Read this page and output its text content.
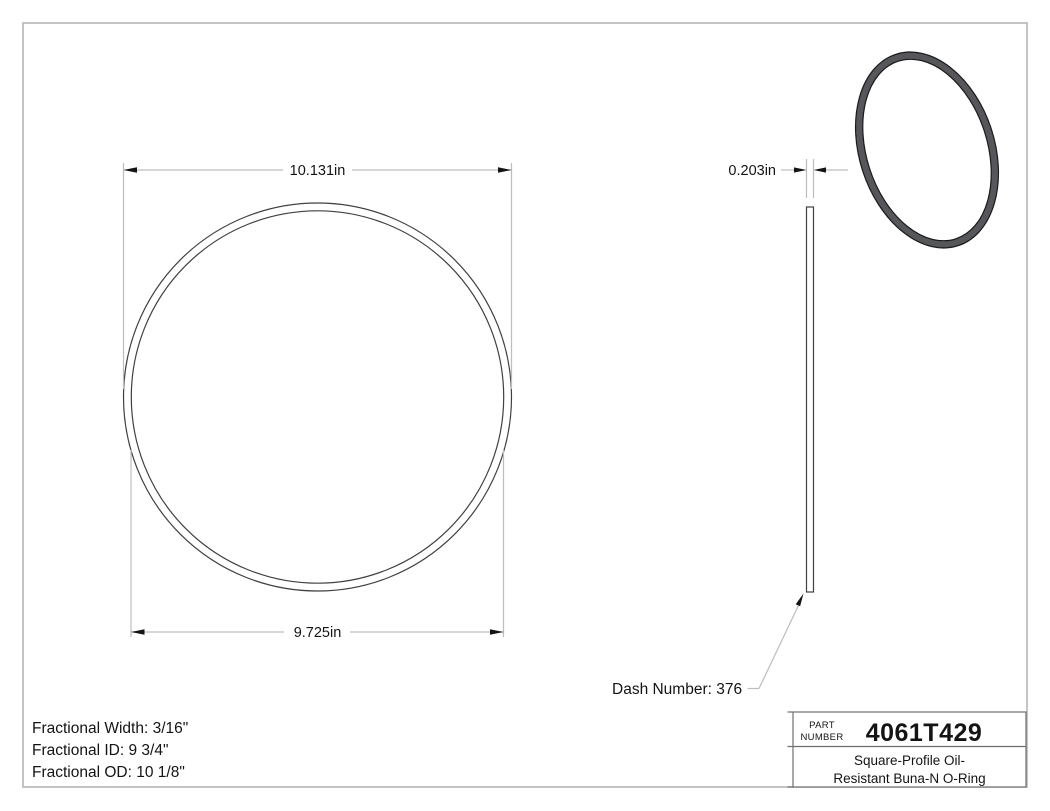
10.131in
9.725in
0.203in
Dash Number: 376
Fractional Width: 3/16"
Fractional ID: 9 3/4"
Fractional OD: 10 1/8"
PART
NUMBER 4061T429
Square-Profile Oil-
Resistant Buna-N O-Ring
